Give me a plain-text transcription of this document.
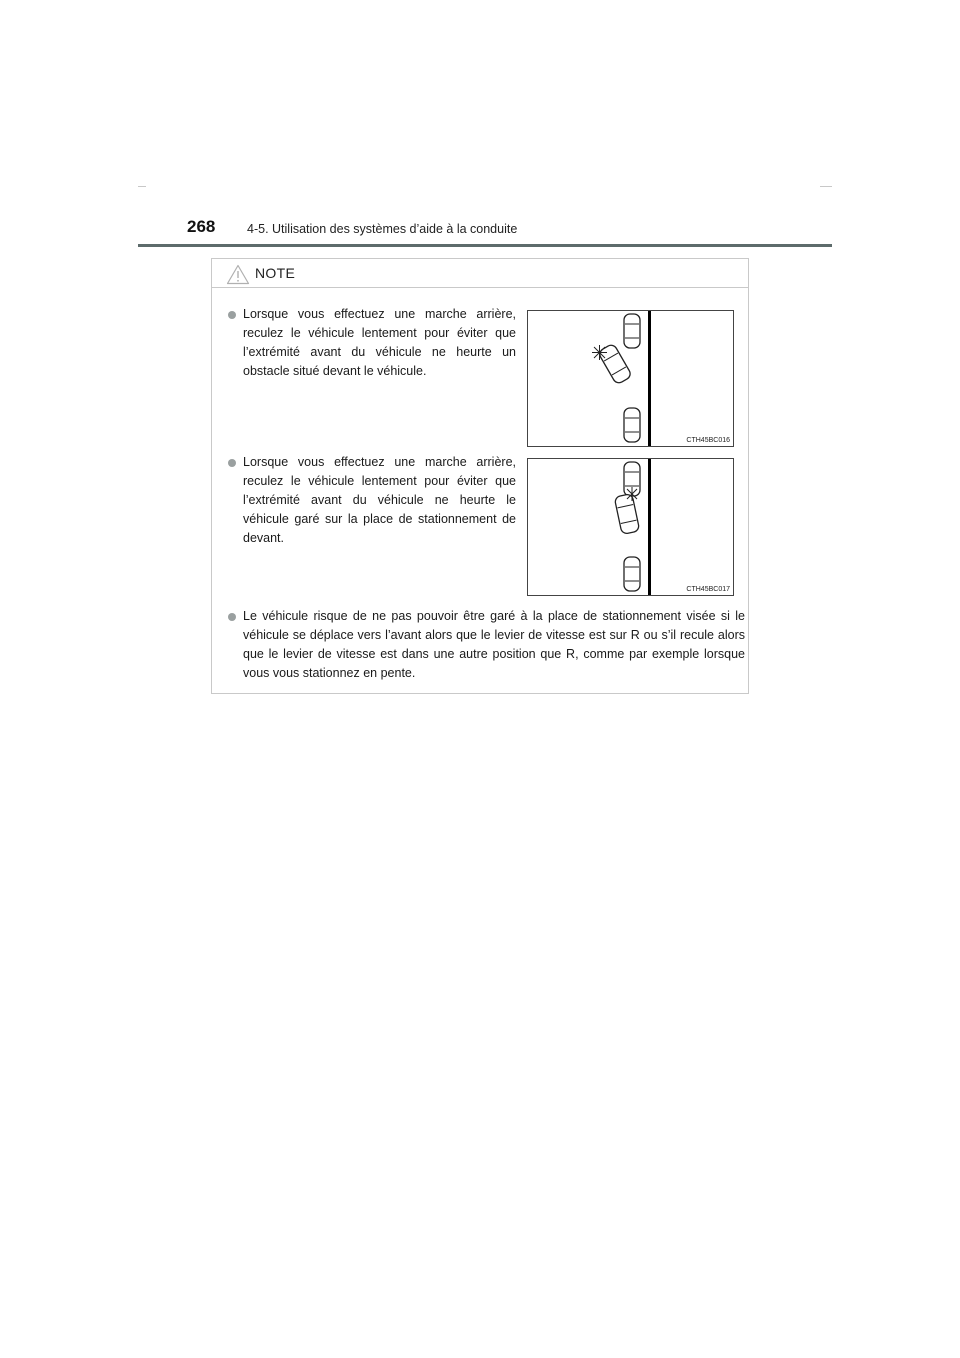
268	4-5. Utilisation des systèmes d’aide à la conduite
NOTE
Lorsque vous effectuez une marche arrière, reculez le véhicule lentement pour éviter que l’extrémité avant du véhicule ne heurte un obstacle situé devant le véhicule.
CTH45BC016
Lorsque vous effectuez une marche arrière, reculez le véhicule lentement pour éviter que l’extrémité avant du véhicule ne heurte le véhicule garé sur la place de stationnement de devant.
CTH45BC017
Le véhicule risque de ne pas pouvoir être garé à la place de stationnement visée si le véhicule se déplace vers l’avant alors que le levier de vitesse est sur R ou s’il recule alors que le levier de vitesse est dans une autre position que R, comme par exemple lorsque vous vous stationnez en pente.
